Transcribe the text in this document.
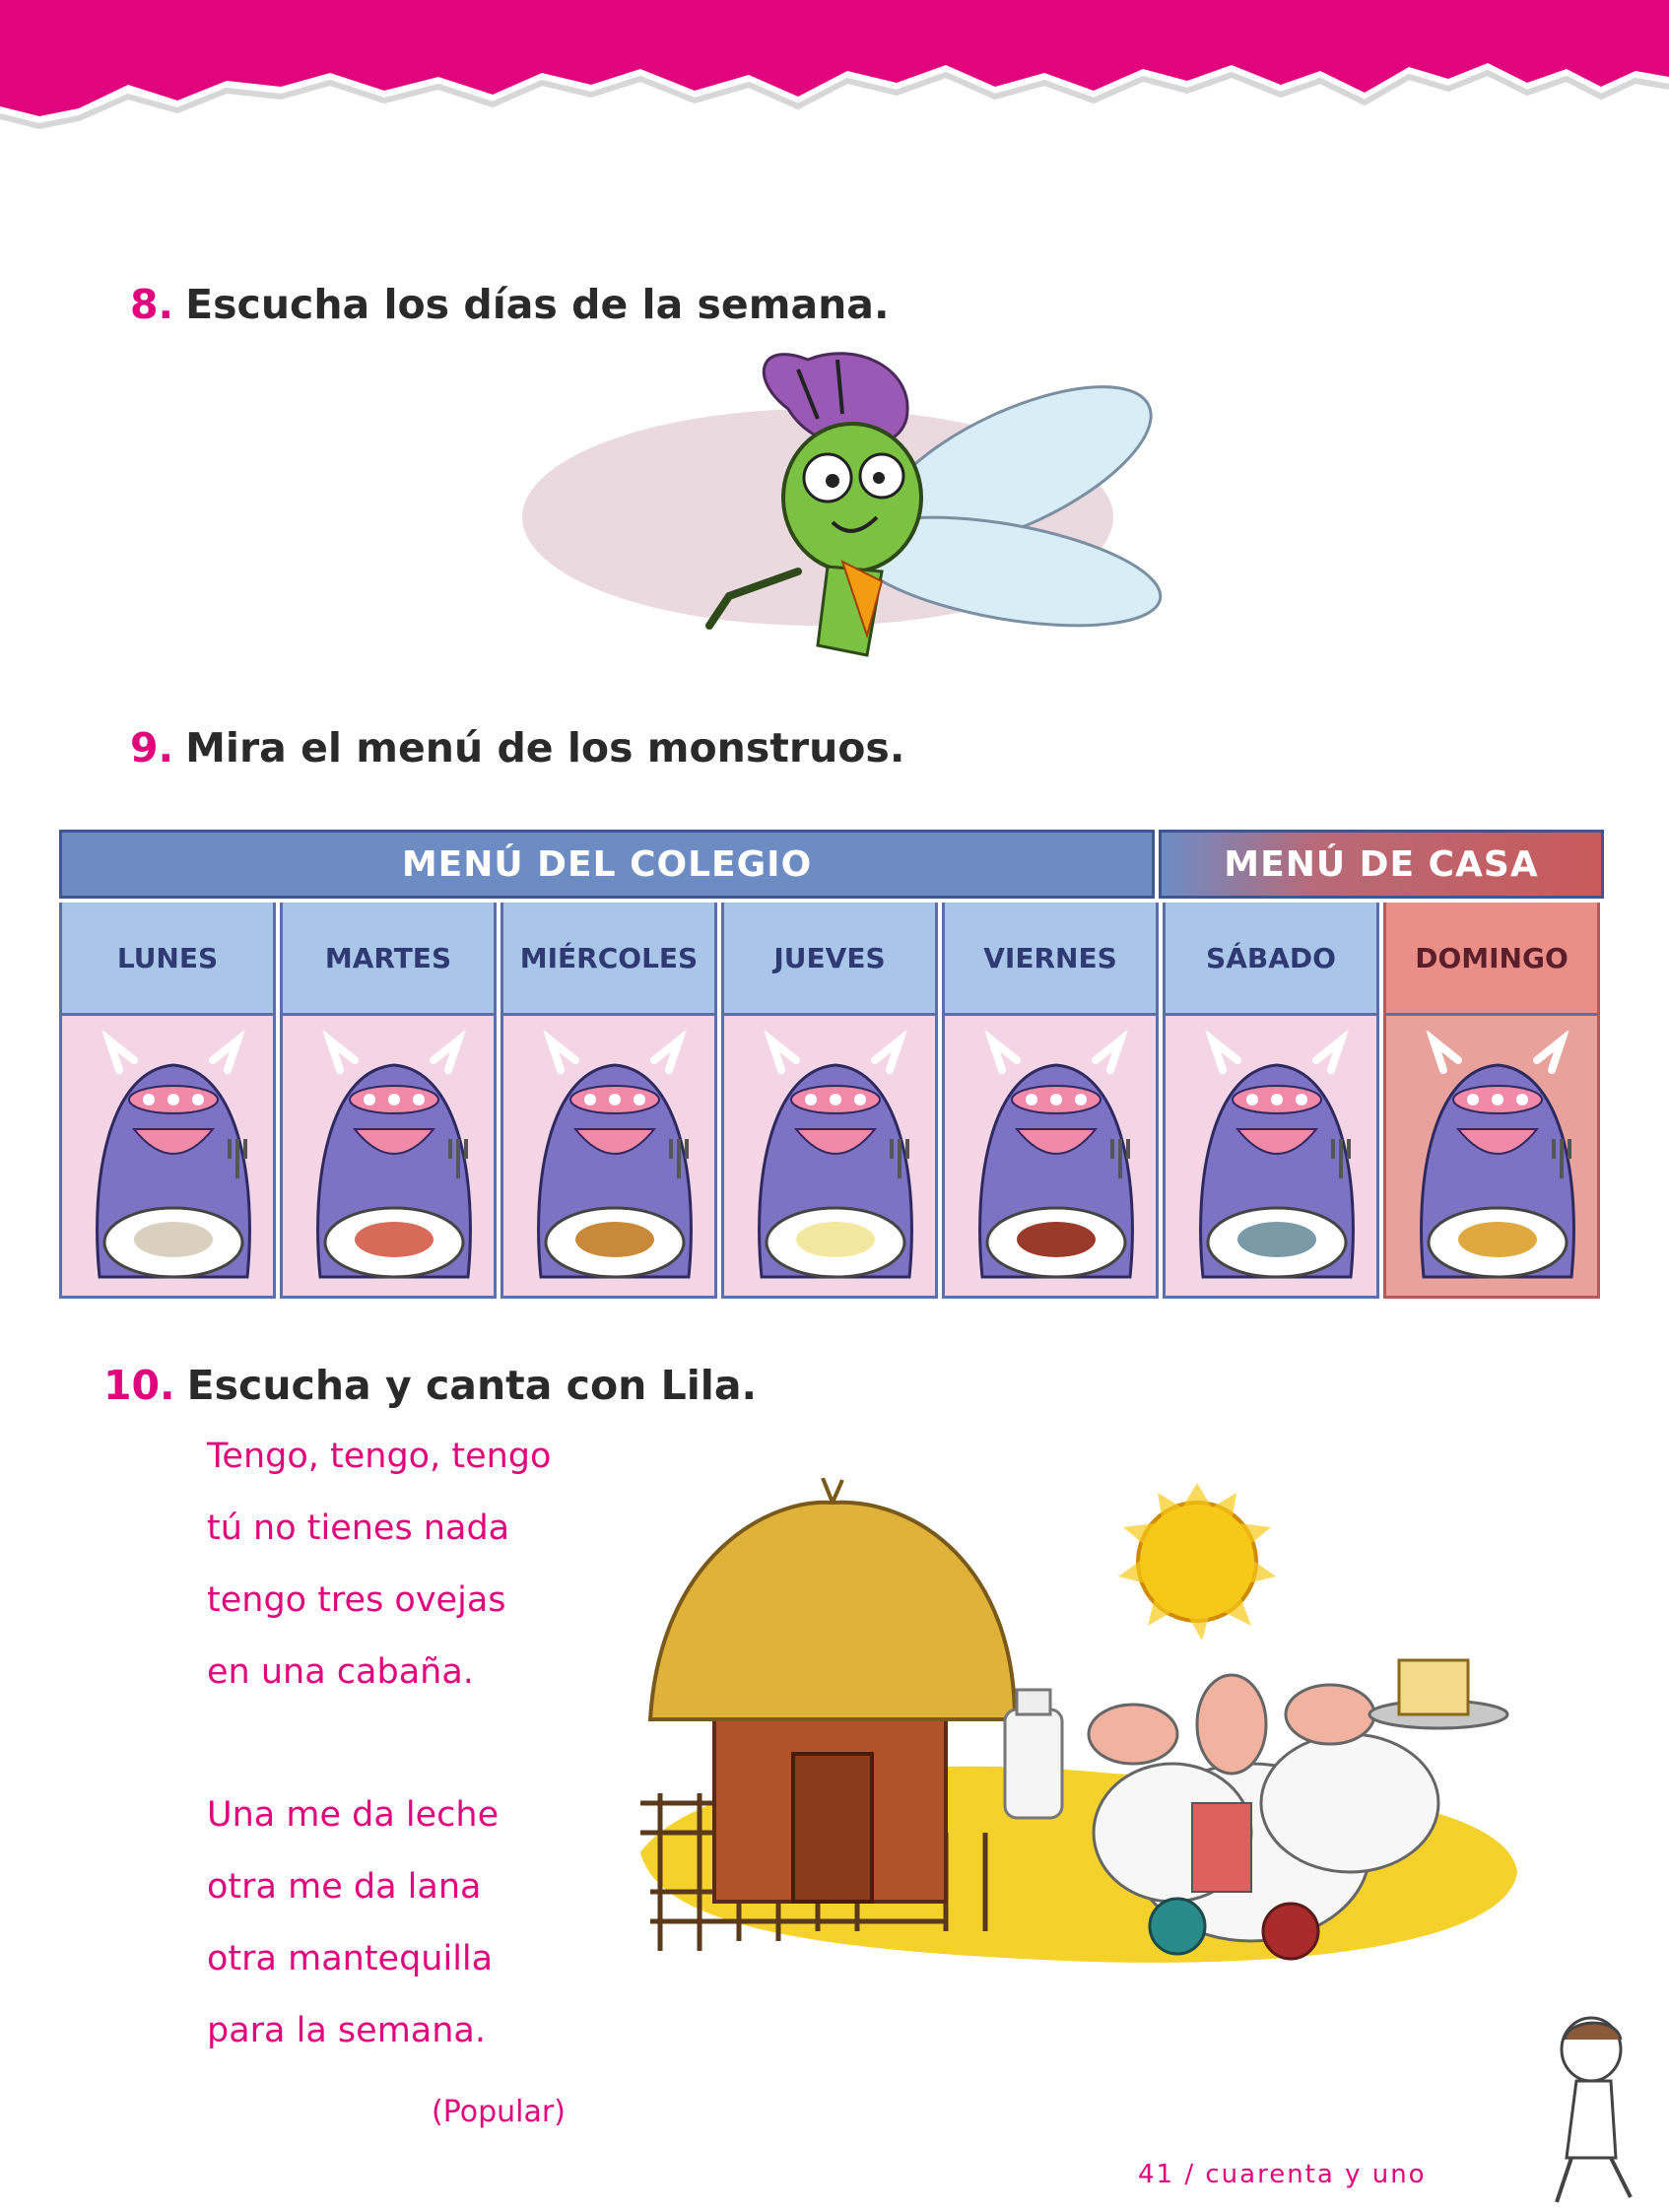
8. Escucha los días de la semana.
9. Mira el menú de los monstruos.
MENÚ DEL COLEGIO	MENÚ DE CASA
LUNES	MARTES	MIÉRCOLES	JUEVES	VIERNES	SÁBADO	DOMINGO
10. Escucha y canta con Lila.
Tengo, tengo, tengo
tú no tienes nada
tengo tres ovejas
en una cabaña.
Una me da leche
otra me da lana
otra mantequilla
para la semana.
(Popular)
41 / cuarenta y uno
